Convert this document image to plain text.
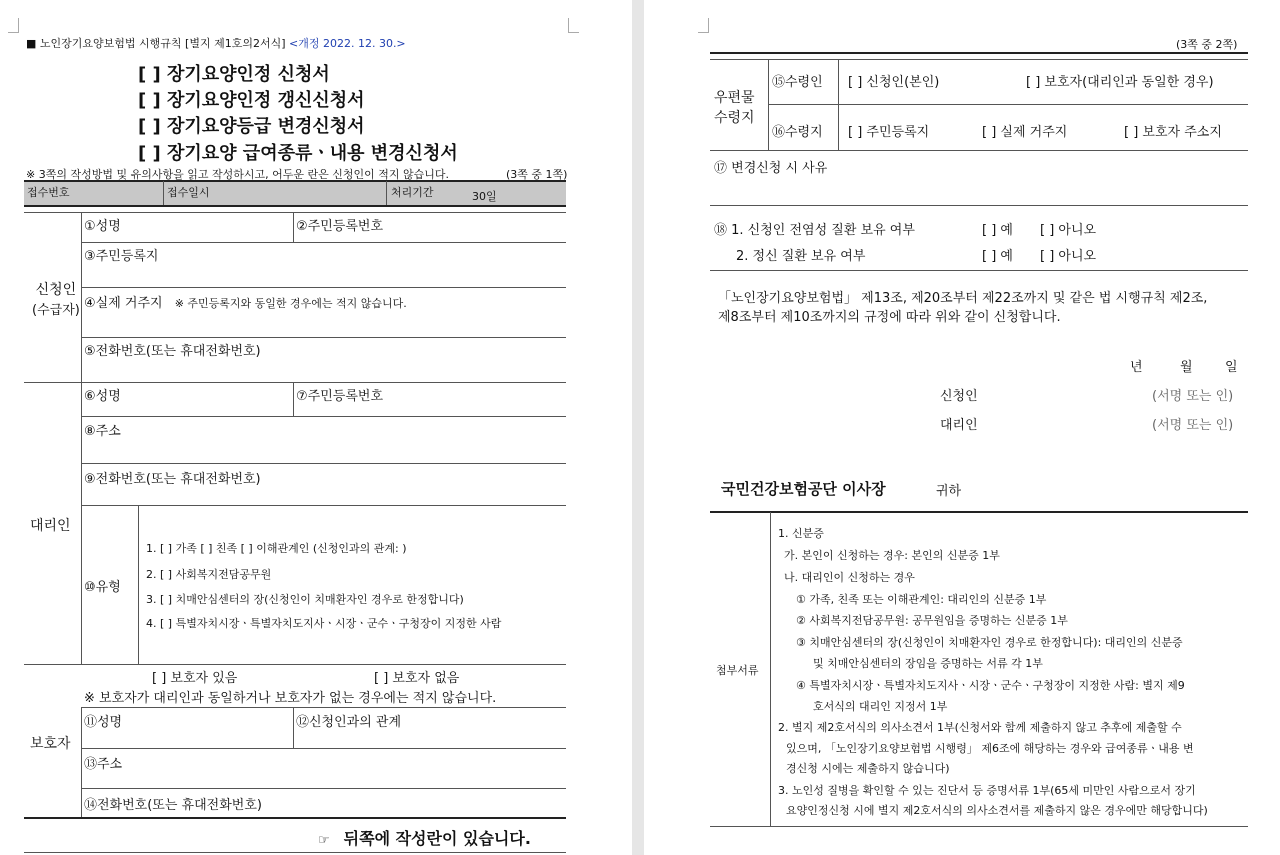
■ 노인장기요양보험법 시행규칙 [별지 제1호의2서식] <개정 2022. 12. 30.>
[ ] 장기요양인정 신청서
[ ] 장기요양인정 갱신신청서
[ ] 장기요양등급 변경신청서
[ ] 장기요양 급여종류ㆍ내용 변경신청서
※ 3쪽의 작성방법 및 유의사항을 읽고 작성하시고, 어두운 란은 신청인이 적지 않습니다.	(3쪽 중 1쪽)
접수번호	접수일시	처리기간	30일
신청인
(수급자)
①성명	②주민등록번호
③주민등록지
④실제 거주지 ※ 주민등록지와 동일한 경우에는 적지 않습니다.
⑤전화번호(또는 휴대전화번호)
대리인
⑥성명	⑦주민등록번호
⑧주소
⑨전화번호(또는 휴대전화번호)
⑩유형
1. [ ] 가족 [ ] 친족 [ ] 이해관계인 (신청인과의 관계: )
2. [ ] 사회복지전담공무원
3. [ ] 치매안심센터의 장(신청인이 치매환자인 경우로 한정합니다)
4. [ ] 특별자치시장ㆍ특별자치도지사ㆍ시장ㆍ군수ㆍ구청장이 지정한 사람
보호자
[ ] 보호자 있음	[ ] 보호자 없음
※ 보호자가 대리인과 동일하거나 보호자가 없는 경우에는 적지 않습니다.
⑪성명	⑫신청인과의 관계
⑬주소
⑭전화번호(또는 휴대전화번호)
☞ 뒤쪽에 작성란이 있습니다.
(3쪽 중 2쪽)
우편물
수령지
⑮수령인 [ ] 신청인(본인)	[ ] 보호자(대리인과 동일한 경우)
⑯수령지 [ ] 주민등록지	[ ] 실제 거주지	[ ] 보호자 주소지
⑰ 변경신청 시 사유
⑱ 1. 신청인 전염성 질환 보유 여부	[ ] 예 [ ] 아니오
2. 정신 질환 보유 여부	[ ] 예 [ ] 아니오
「노인장기요양보험법」 제13조, 제20조부터 제22조까지 및 같은 법 시행규칙 제2조,
제8조부터 제10조까지의 규정에 따라 위와 같이 신청합니다.
년	월 일
신청인	(서명 또는 인)
대리인	(서명 또는 인)
국민건강보험공단 이사장	귀하
첨부서류
1. 신분증
가. 본인이 신청하는 경우: 본인의 신분증 1부
나. 대리인이 신청하는 경우
① 가족, 친족 또는 이해관계인: 대리인의 신분증 1부
② 사회복지전담공무원: 공무원임을 증명하는 신분증 1부
③ 치매안심센터의 장(신청인이 치매환자인 경우로 한정합니다): 대리인의 신분증
및 치매안심센터의 장임을 증명하는 서류 각 1부
④ 특별자치시장ㆍ특별자치도지사ㆍ시장ㆍ군수ㆍ구청장이 지정한 사람: 별지 제9
호서식의 대리인 지정서 1부
2. 별지 제2호서식의 의사소견서 1부(신청서와 함께 제출하지 않고 추후에 제출할 수
있으며, 「노인장기요양보험법 시행령」 제6조에 해당하는 경우와 급여종류ㆍ내용 변
경신청 시에는 제출하지 않습니다)
3. 노인성 질병을 확인할 수 있는 진단서 등 증명서류 1부(65세 미만인 사람으로서 장기
요양인정신청 시에 별지 제2호서식의 의사소견서를 제출하지 않은 경우에만 해당합니다)
